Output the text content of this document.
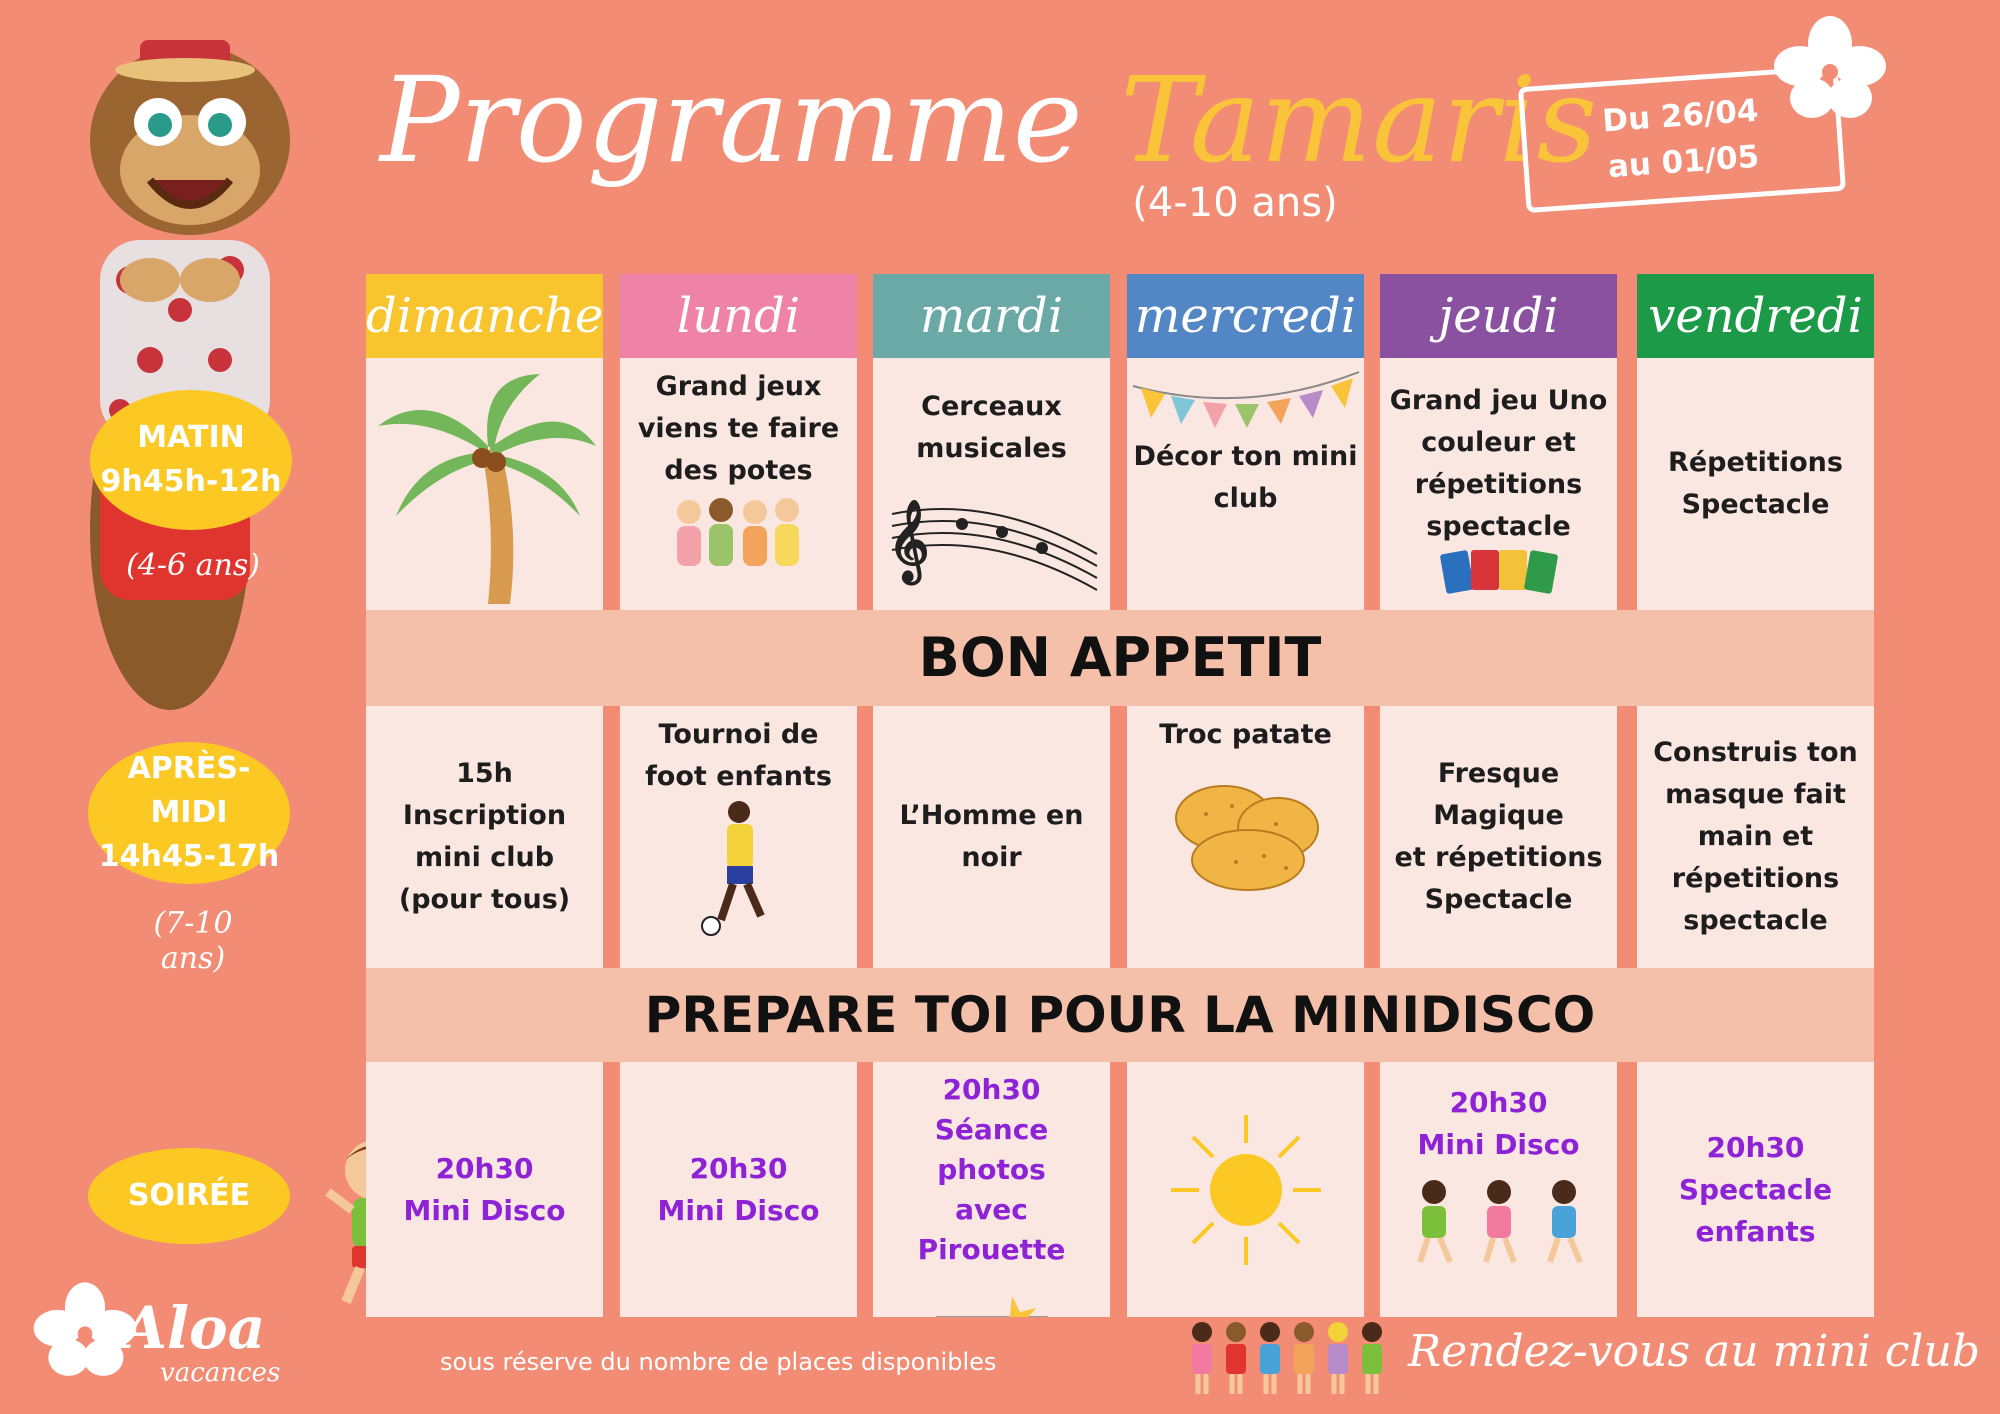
Programme Tamaris
(4-10 ans)
Du 26/04
au 01/05
MATIN
9h45h-12h
(4-6 ans)
APRÈS-
MIDI
14h45-17h
(7-10 ans)
SOIRÉE
dimanche
15h
Inscription
mini club
(pour tous)
20h30
Mini Disco
lundi
Grand jeux
viens te faire
des potes
Tournoi de
foot enfants
20h30
Mini Disco
mardi
Cerceaux
musicales
𝄞
L’Homme en
noir
20h30
Séance photos
avec Pirouette
mercredi
Décor ton mini
club
Troc patate
jeudi
Grand jeu Uno
couleur et
répetitions
spectacle
Fresque
Magique
et répetitions
Spectacle
20h30
Mini Disco
vendredi
Répetitions
Spectacle
Construis ton
masque fait
main et
répetitions
spectacle
20h30
Spectacle
enfants
BON APPETIT
PREPARE TOI POUR LA MINIDISCO
Aloa
vacances	sous réserve du nombre de places disponibles	Rendez-vous au mini club
